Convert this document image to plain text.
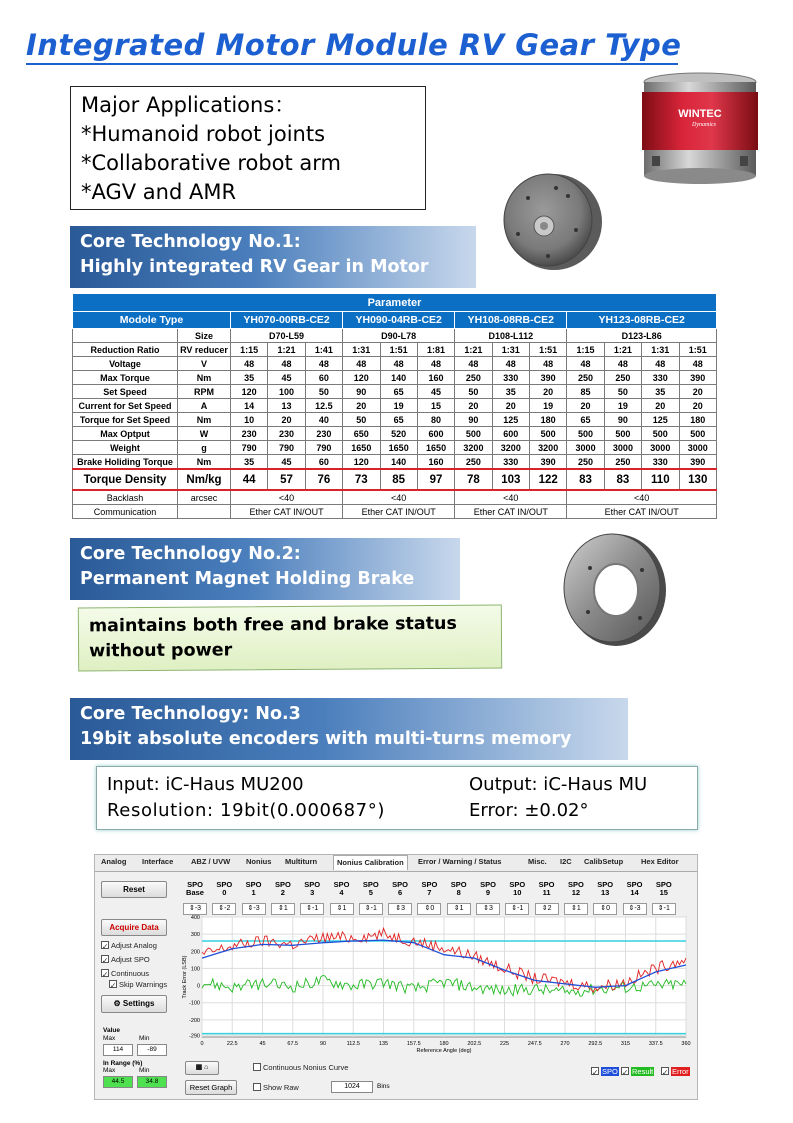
Integrated Motor Module RV Gear Type
Major Applications：
*Humanoid robot joints
*Collaborative robot arm
*AGV and AMR
WINTEC
Dynamics
Core Technology No.1:
Highly integrated RV Gear in Motor
Parameter														
Modole Type		YH070-00RB-CE2			YH090-04RB-CE2			YH108-08RB-CE2			YH123-08RB-CE2			
	Size	D70-L59			D90-L78			D108-L112			D123-L86			
Reduction Ratio	RV reducer	1:15	1:21	1:41	1:31	1:51	1:81	1:21	1:31	1:51	1:15	1:21	1:31	1:51
Voltage	V	48	48	48	48	48	48	48	48	48	48	48	48	48
Max Torque	Nm	35	45	60	120	140	160	250	330	390	250	250	330	390
Set Speed	RPM	120	100	50	90	65	45	50	35	20	85	50	35	20
Current for Set Speed	A	14	13	12.5	20	19	15	20	20	19	20	19	20	20
Torque for Set Speed	Nm	10	20	40	50	65	80	90	125	180	65	90	125	180
Max Optput	W	230	230	230	650	520	600	500	600	500	500	500	500	500
Weight	g	790	790	790	1650	1650	1650	3200	3200	3200	3000	3000	3000	3000
Brake Holiding Torque	Nm	35	45	60	120	140	160	250	330	390	250	250	330	390
Torque Density	Nm/kg	44	57	76	73	85	97	78	103	122	83	83	110	130
Backlash	arcsec	<40			<40			<40			<40			
Communication		Ether CAT IN/OUT			Ether CAT IN/OUT			Ether CAT IN/OUT			Ether CAT IN/OUT			
Core Technology No.2:
Permanent Magnet Holding Brake
maintains both free and brake status
without power
Core Technology: No.3
19bit absolute encoders with multi-turns memory
Input: iC-Haus MU200
Resolution: 19bit(0.000687°)
Output: iC-Haus MU
Error: ±0.02°
Analog Interface ABZ / UVW Nonius Multiturn	Nonius Calibration	Error / Warning / Status	Misc. I2C CalibSetup Hex Editor
Reset
Acquire Data
✓ Adjust Analog
✓ Adjust SPO
✓ Continuous
✓ Skip Warnings
⚙ Settings
Value
Max	Min
114	-89
In Range (%)
Max	Min
44.5	34.8
▦ ⌂
Reset Graph
Continuous Nonius Curve
Show Raw	1024	Bins
✓ SPO ✓ Result ✓ Error
SPO
Base
⇕-3
SPO
0
⇕-2
SPO
1
⇕-3
SPO
2
⇕1
SPO
3
⇕-1
SPO
4
⇕1
SPO
5
⇕-1
SPO
6
⇕3
SPO
7
⇕0
SPO
8
⇕1
SPO
9
⇕3
SPO
10
⇕-1
SPO
11
⇕2
SPO
12
⇕1
SPO
13
⇕0
SPO
14
⇕-3
SPO
15
⇕-1
400
300
200
100
0
-100
-200
-290
0	22.5	45	67.5	90	112.5	135	157.5	180	202.5	225	247.5	270	292.5	315	337.5	360
Reference Angle (deg)
Track Error (LSB)
